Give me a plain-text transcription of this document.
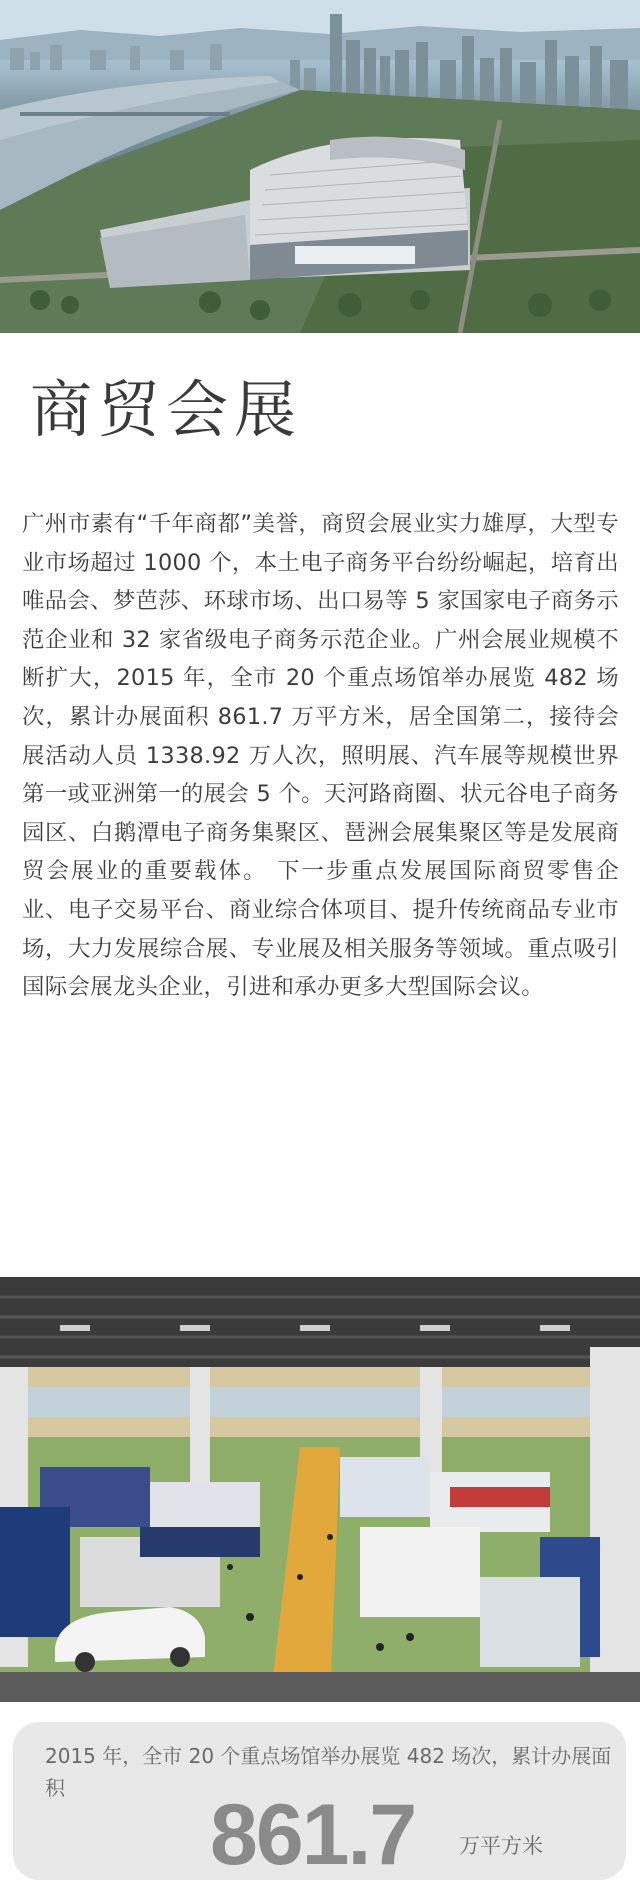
商贸会展

广州市素有“千年商都”美誉，商贸会展业实力雄厚，大型专业市场超过 1000 个，本土电子商务平台纷纷崛起，培育出唯品会、梦芭莎、环球市场、出口易等 5 家国家电子商务示范企业和 32 家省级电子商务示范企业。广州会展业规模不断扩大，2015 年，全市 20 个重点场馆举办展览 482 场次，累计办展面积 861.7 万平方米，居全国第二，接待会展活动人员 1338.92 万人次，照明展、汽车展等规模世界第一或亚洲第一的展会 5 个。天河路商圈、状元谷电子商务园区、白鹅潭电子商务集聚区、琶洲会展集聚区等是发展商贸会展业的重要载体。 下一步重点发展国际商贸零售企业、电子交易平台、商业综合体项目、提升传统商品专业市场，大力发展综合展、专业展及相关服务等领域。重点吸引国际会展龙头企业，引进和承办更多大型国际会议。

2015 年，全市 20 个重点场馆举办展览 482 场次，累计办展面积	861.7 万平方米
